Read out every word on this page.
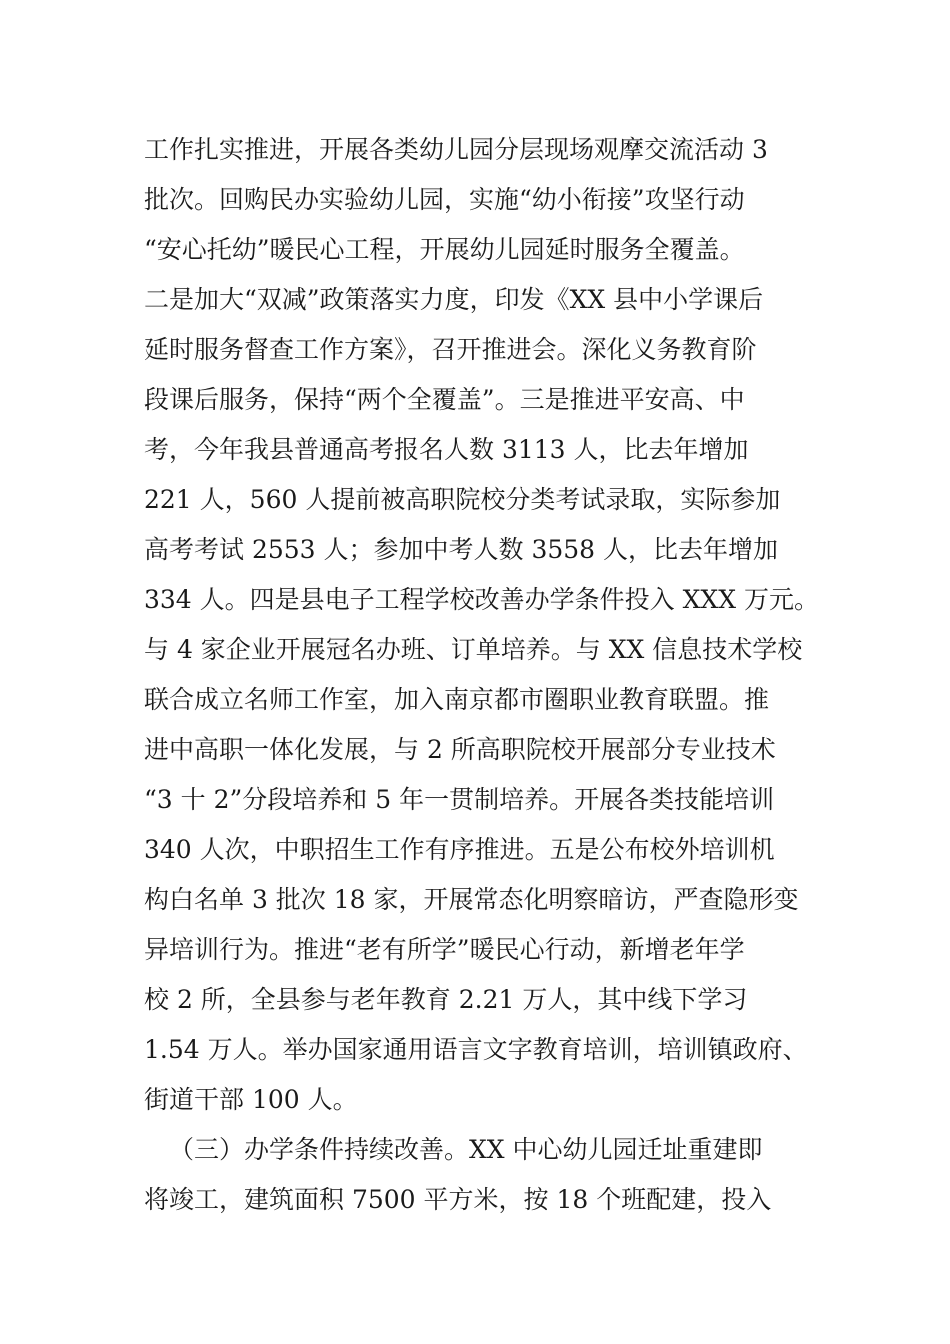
工作扎实推进，开展各类幼儿园分层现场观摩交流活动 3
批次。回购民办实验幼儿园，实施“幼小衔接”攻坚行动
“安心托幼”暖民心工程，开展幼儿园延时服务全覆盖。
二是加大“双减”政策落实力度，印发《XX 县中小学课后
延时服务督查工作方案》，召开推进会。深化义务教育阶
段课后服务，保持“两个全覆盖”。三是推进平安高、中
考，今年我县普通高考报名人数 3113 人，比去年增加
221 人，560 人提前被高职院校分类考试录取，实际参加
高考考试 2553 人；参加中考人数 3558 人，比去年增加
334 人。四是县电子工程学校改善办学条件投入 XXX 万元。
与 4 家企业开展冠名办班、订单培养。与 XX 信息技术学校
联合成立名师工作室，加入南京都市圈职业教育联盟。推
进中高职一体化发展，与 2 所高职院校开展部分专业技术
“3 十 2”分段培养和 5 年一贯制培养。开展各类技能培训
340 人次，中职招生工作有序推进。五是公布校外培训机
构白名单 3 批次 18 家，开展常态化明察暗访，严查隐形变
异培训行为。推进“老有所学”暖民心行动，新增老年学
校 2 所，全县参与老年教育 2.21 万人，其中线下学习
1.54 万人。举办国家通用语言文字教育培训，培训镇政府、
街道干部 100 人。
（三）办学条件持续改善。XX 中心幼儿园迁址重建即
将竣工，建筑面积 7500 平方米，按 18 个班配建，投入
